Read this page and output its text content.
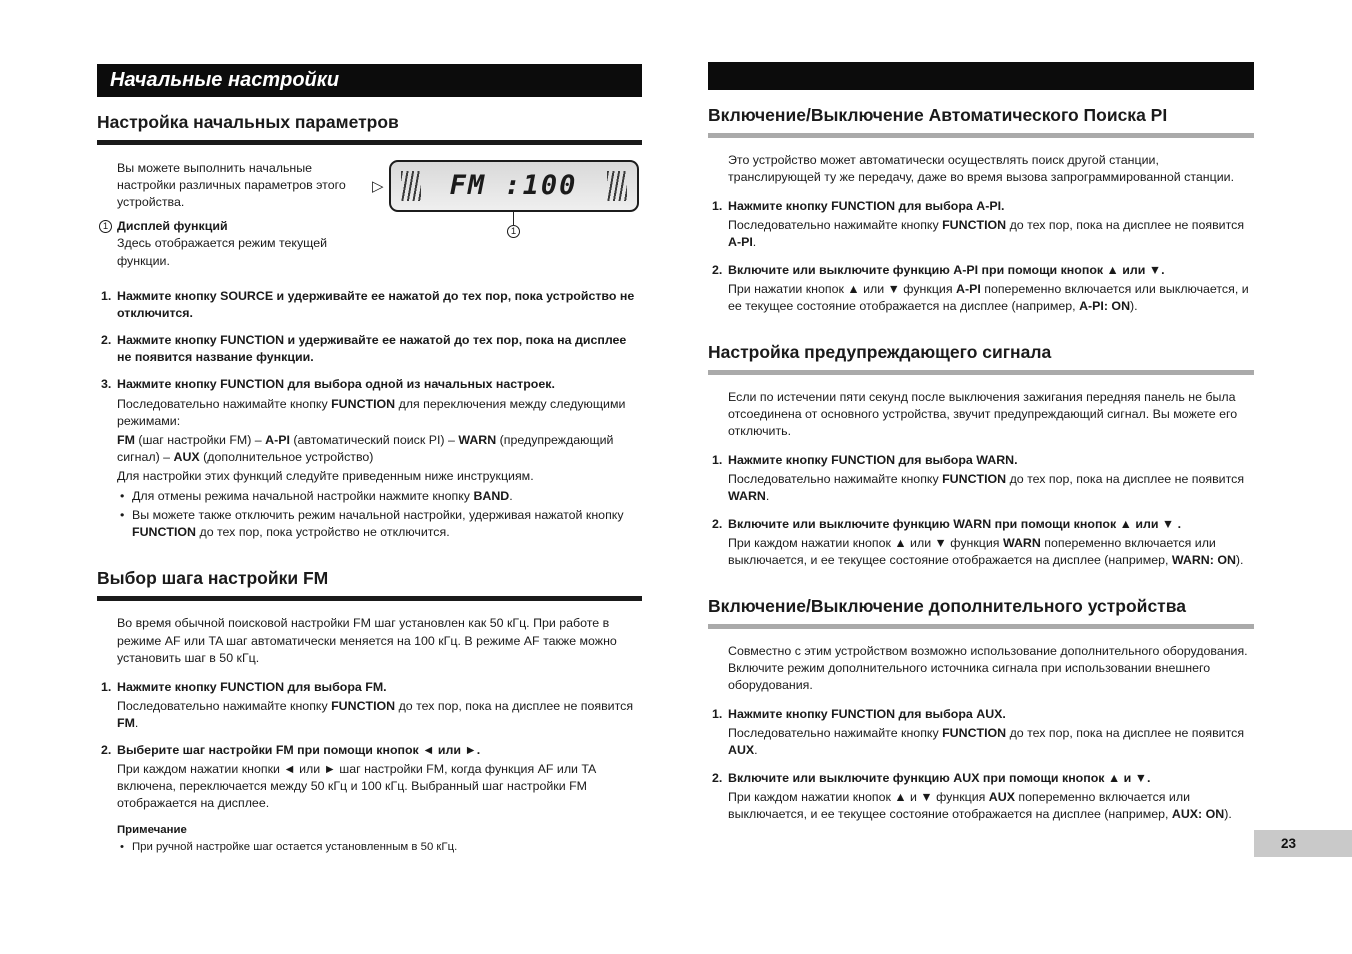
Начальные настройки
Настройка начальных параметров

Вы можете выполнить начальные настройки различных параметров этого устройства.

1 Дисплей функций

Здесь отображается режим текущей функции.

▷ FM :100
1
1. Нажмите кнопку SOURCE и удерживайте ее нажатой до тех пор, пока устройство не отключится.

2. Нажмите кнопку FUNCTION и удерживайте ее нажатой до тех пор, пока на дисплее не появится название функции.

3. Нажмите кнопку FUNCTION для выбора одной из начальных настроек.

Последовательно нажимайте кнопку FUNCTION для переключения между следующими режимами:

FM (шаг настройки FM) – A-PI (автоматический поиск PI) – WARN (предупреждающий сигнал) – AUX (дополнительное устройство)

Для настройки этих функций следуйте приведенным ниже инструкциям.

• Для отмены режима начальной настройки нажмите кнопку BAND.

• Вы можете также отключить режим начальной настройки, удерживая нажатой кнопку FUNCTION до тех пор, пока устройство не отключится.

Выбор шага настройки FM

Во время обычной поисковой настройки FM шаг установлен как 50 кГц. При работе в режиме AF или TA шаг автоматически меняется на 100 кГц. В режиме AF также можно установить шаг в 50 кГц.

1. Нажмите кнопку FUNCTION для выбора FM.

Последовательно нажимайте кнопку FUNCTION до тех пор, пока на дисплее не появится FM.

2. Выберите шаг настройки FM при помощи кнопок ◄ или ►.

При каждом нажатии кнопки ◄ или ► шаг настройки FM, когда функция AF или TA включена, переключается между 50 кГц и 100 кГц. Выбранный шаг настройки FM отображается на дисплее.

Примечание

• При ручной настройке шаг остается установленным в 50 кГц.

Включение/Выключение Автоматического Поиска PI

Это устройство может автоматически осуществлять поиск другой станции, транслирующей ту же передачу, даже во время вызова запрограммированной станции.

1. Нажмите кнопку FUNCTION для выбора A-PI.

Последовательно нажимайте кнопку FUNCTION до тех пор, пока на дисплее не появится A-PI.

2. Включите или выключите функцию A-PI при помощи кнопок ▲ или ▼.

При нажатии кнопок ▲ или ▼ функция A-PI попеременно включается или выключается, и ее текущее состояние отображается на дисплее (например, A-PI: ON).

Настройка предупреждающего сигнала

Если по истечении пяти секунд после выключения зажигания передняя панель не была отсоединена от основного устройства, звучит предупреждающий сигнал. Вы можете его отключить.

1. Нажмите кнопку FUNCTION для выбора WARN.

Последовательно нажимайте кнопку FUNCTION до тех пор, пока на дисплее не появится WARN.

2. Включите или выключите функцию WARN при помощи кнопок ▲ или ▼ .

При каждом нажатии кнопок ▲ или ▼ функция WARN попеременно включается или выключается, и ее текущее состояние отображается на дисплее (например, WARN: ON).

Включение/Выключение дополнительного устройства

Совместно с этим устройством возможно использование дополнительного оборудования. Включите режим дополнительного источника сигнала при использовании внешнего оборудования.

1. Нажмите кнопку FUNCTION для выбора AUX.

Последовательно нажимайте кнопку FUNCTION до тех пор, пока на дисплее не появится AUX.

2. Включите или выключите функцию AUX при помощи кнопок ▲ и ▼.

При каждом нажатии кнопок ▲ и ▼ функция AUX попеременно включается или выключается, и ее текущее состояние отображается на дисплее (например, AUX: ON).

23
